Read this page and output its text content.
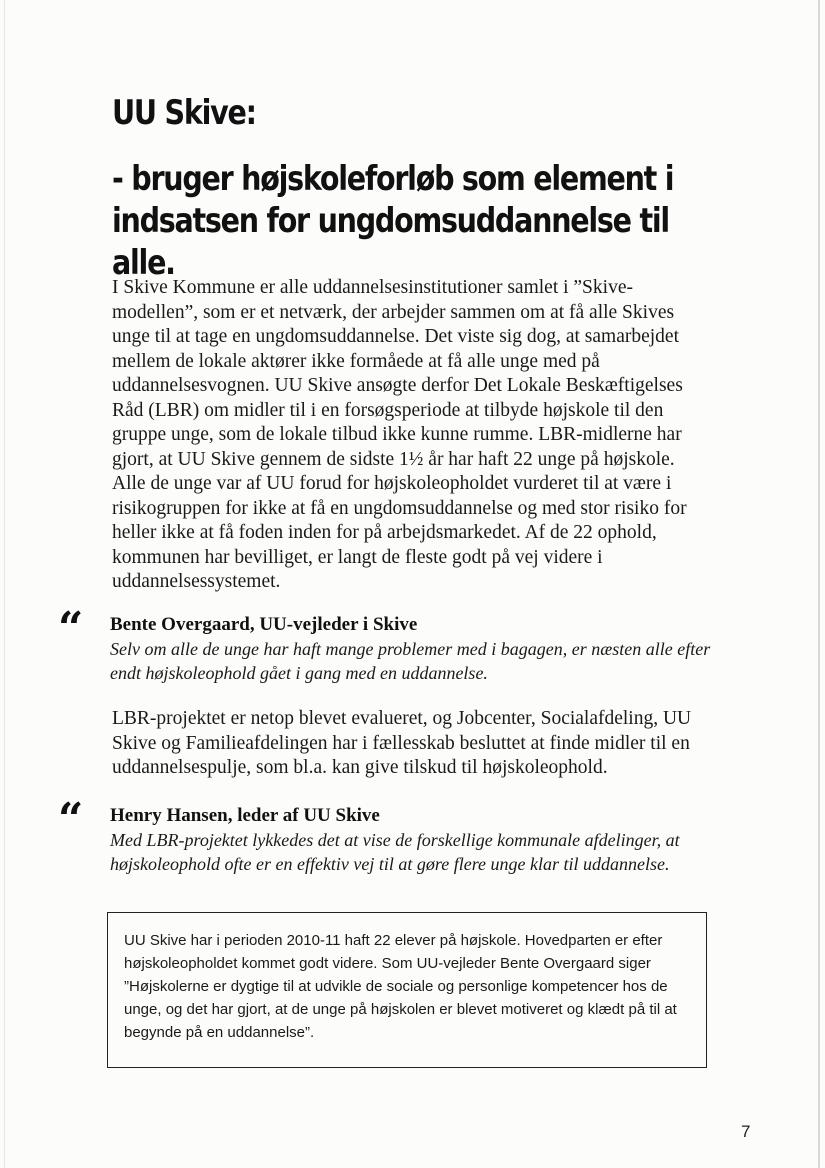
UU Skive:
- bruger højskoleforløb som element i indsatsen for ungdomsuddannelse til alle.

I Skive Kommune er alle uddannelsesinstitutioner samlet i ”Skive-modellen”, som er et netværk, der arbejder sammen om at få alle Skives unge til at tage en ungdomsuddannelse. Det viste sig dog, at samarbejdet mellem de lokale aktører ikke formåede at få alle unge med på uddannelsesvognen. UU Skive ansøgte derfor Det Lokale Beskæftigelses Råd (LBR) om midler til i en forsøgsperiode at tilbyde højskole til den gruppe unge, som de lokale tilbud ikke kunne rumme. LBR-midlerne har gjort, at UU Skive gennem de sidste 1½ år har haft 22 unge på højskole. Alle de unge var af UU forud for højskoleopholdet vurderet til at være i risikogruppen for ikke at få en ungdomsuddannelse og med stor risiko for heller ikke at få foden inden for på arbejdsmarkedet. Af de 22 ophold, kommunen har bevilliget, er langt de fleste godt på vej videre i uddannelsessystemet.

“ Bente Overgaard, UU-vejleder i Skive

Selv om alle de unge har haft mange problemer med i bagagen, er næsten alle efter endt højskoleophold gået i gang med en uddannelse.

LBR-projektet er netop blevet evalueret, og Jobcenter, Socialafdeling, UU Skive og Familieafdelingen har i fællesskab besluttet at finde midler til en uddannelsespulje, som bl.a. kan give tilskud til højskoleophold.

“ Henry Hansen, leder af UU Skive

Med LBR-projektet lykkedes det at vise de forskellige kommunale afdelinger, at højskoleophold ofte er en effektiv vej til at gøre flere unge klar til uddannelse.

UU Skive har i perioden 2010-11 haft 22 elever på højskole. Hovedparten er efter højskoleopholdet kommet godt videre. Som UU-vejleder Bente Overgaard siger ”Højskolerne er dygtige til at udvikle de sociale og personlige kompetencer hos de unge, og det har gjort, at de unge på højskolen er blevet motiveret og klædt på til at begynde på en uddannelse”.

7
